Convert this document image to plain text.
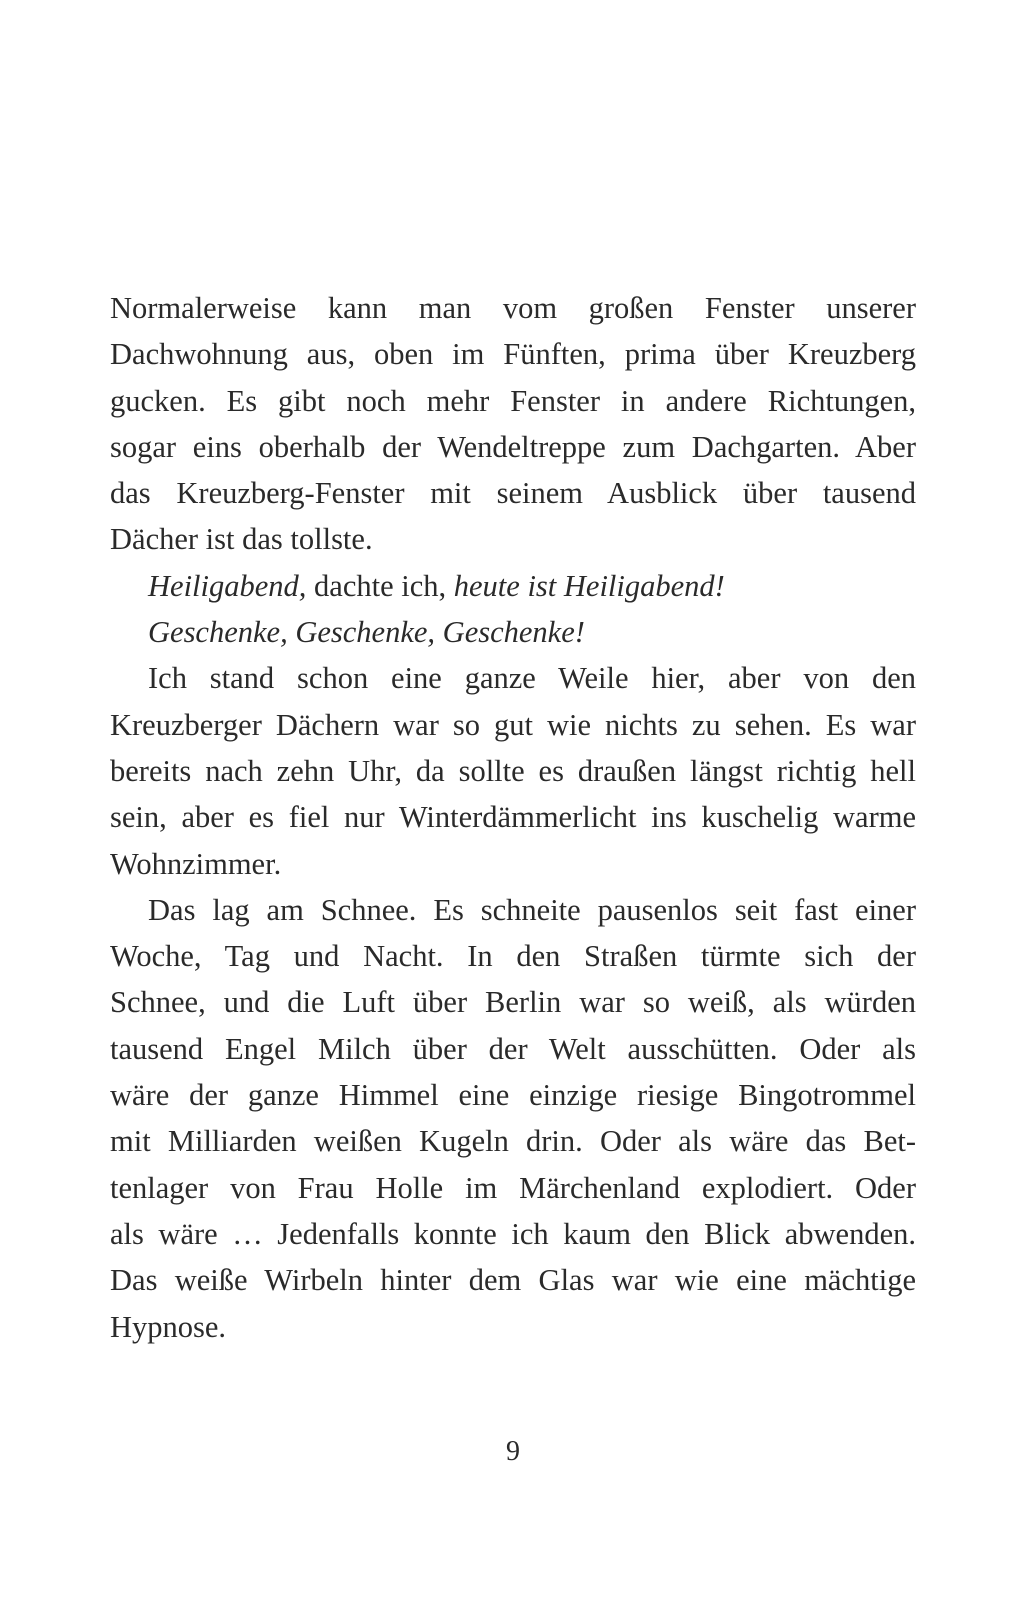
Normalerweise kann man vom großen Fenster unserer
Dachwohnung aus, oben im Fünften, prima über Kreuzberg
gucken. Es gibt noch mehr Fenster in andere Richtungen,
sogar eins oberhalb der Wendeltreppe zum Dachgarten. Aber
das Kreuzberg-Fenster mit seinem Ausblick über tausend
Dächer ist das tollste.
Heiligabend, dachte ich, heute ist Heiligabend!
Geschenke, Geschenke, Geschenke!
Ich stand schon eine ganze Weile hier, aber von den
Kreuzberger Dächern war so gut wie nichts zu sehen. Es war
bereits nach zehn Uhr, da sollte es draußen längst richtig hell
sein, aber es fiel nur Winterdämmerlicht ins kuschelig warme
Wohnzimmer.
Das lag am Schnee. Es schneite pausenlos seit fast einer
Woche, Tag und Nacht. In den Straßen türmte sich der
Schnee, und die Luft über Berlin war so weiß, als würden
tausend Engel Milch über der Welt ausschütten. Oder als
wäre der ganze Himmel eine einzige riesige Bingotrommel
mit Milliarden weißen Kugeln drin. Oder als wäre das Bet-
tenlager von Frau Holle im Märchenland explodiert. Oder
als wäre … Jedenfalls konnte ich kaum den Blick abwenden.
Das weiße Wirbeln hinter dem Glas war wie eine mächtige
Hypnose.
9
